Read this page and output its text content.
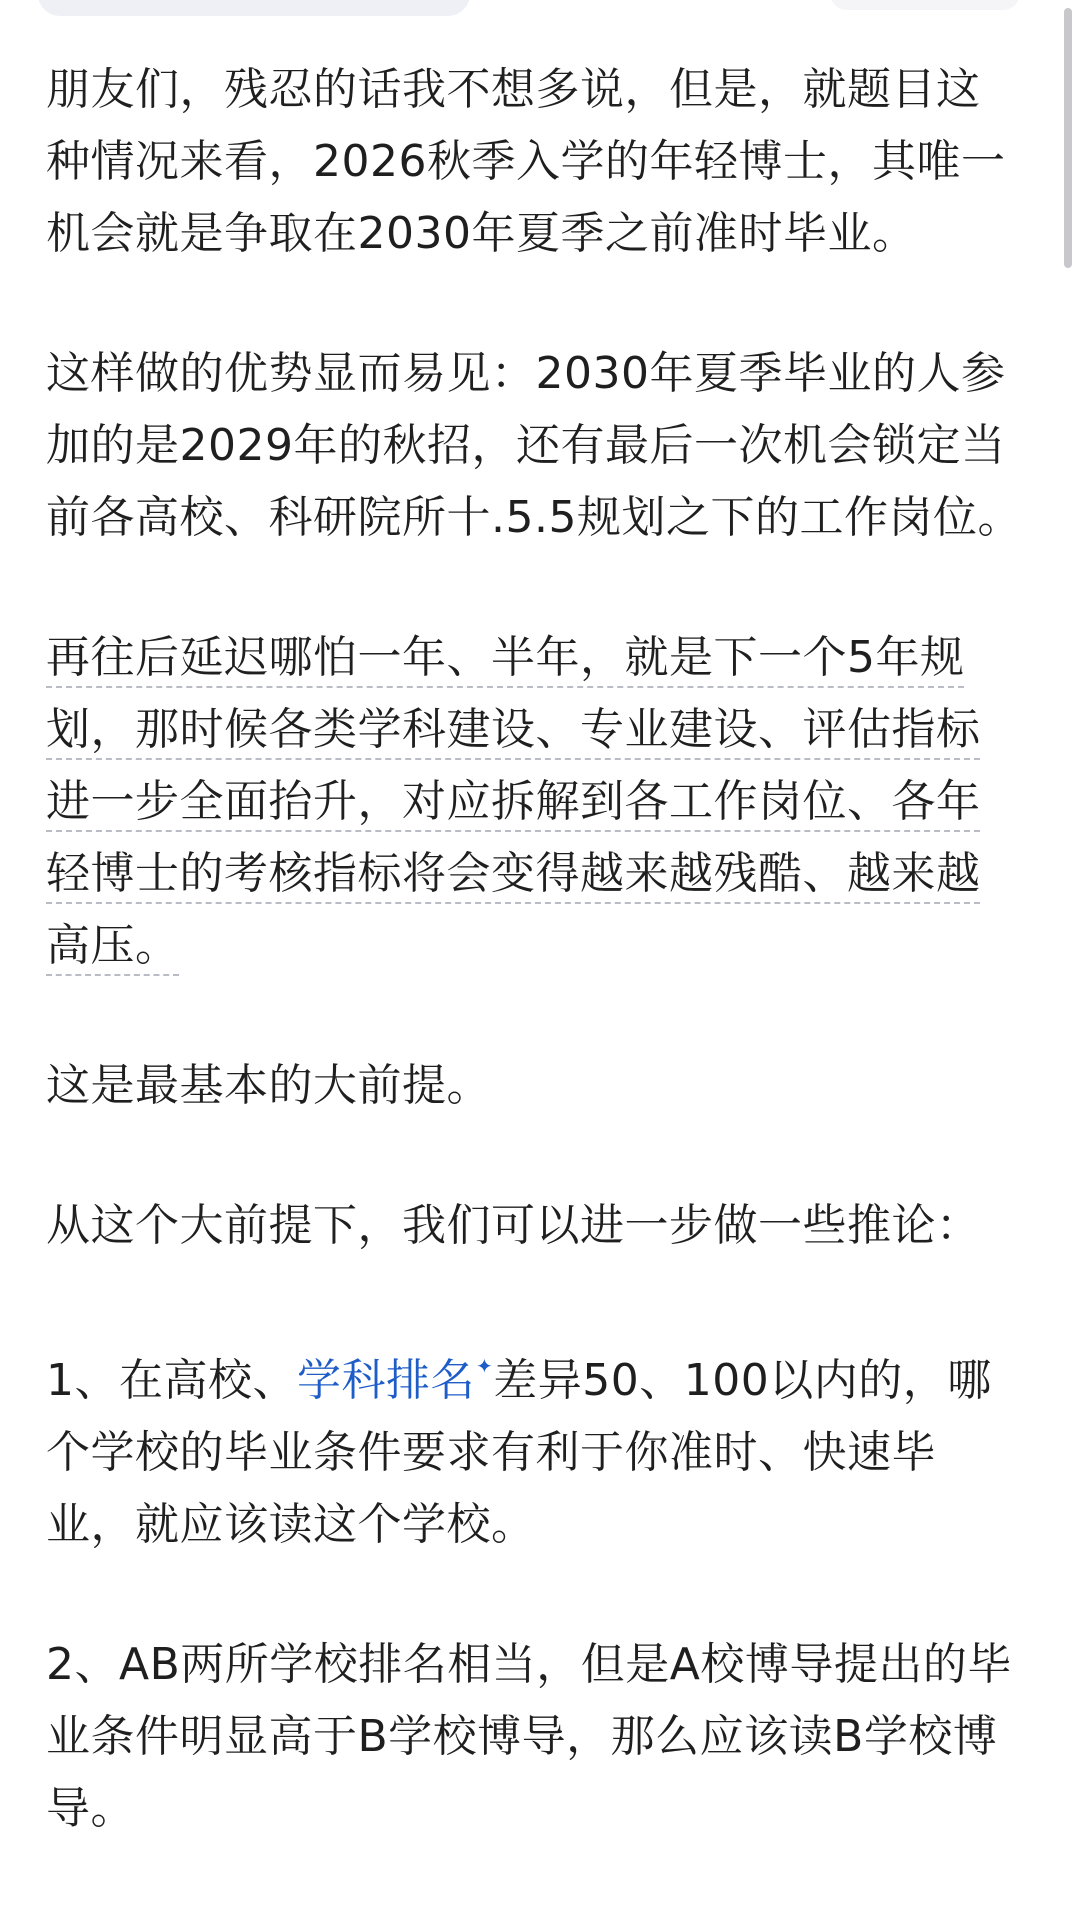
朋友们，残忍的话我不想多说，但是，就题目这
种情况来看，2026秋季入学的年轻博士，其唯一
机会就是争取在2030年夏季之前准时毕业。

这样做的优势显而易见：2030年夏季毕业的人参
加的是2029年的秋招，还有最后一次机会锁定当
前各高校、科研院所十.5.5规划之下的工作岗位。

再往后延迟哪怕一年、半年，就是下一个5年规
划，那时候各类学科建设、专业建设、评估指标
进一步全面抬升，对应拆解到各工作岗位、各年
轻博士的考核指标将会变得越来越残酷、越来越
高压。

这是最基本的大前提。

从这个大前提下，我们可以进一步做一些推论：

1、在高校、学科排名✦差异50、100以内的，哪
个学校的毕业条件要求有利于你准时、快速毕
业，就应该读这个学校。

2、AB两所学校排名相当，但是A校博导提出的毕
业条件明显高于B学校博导，那么应该读B学校博
导。
